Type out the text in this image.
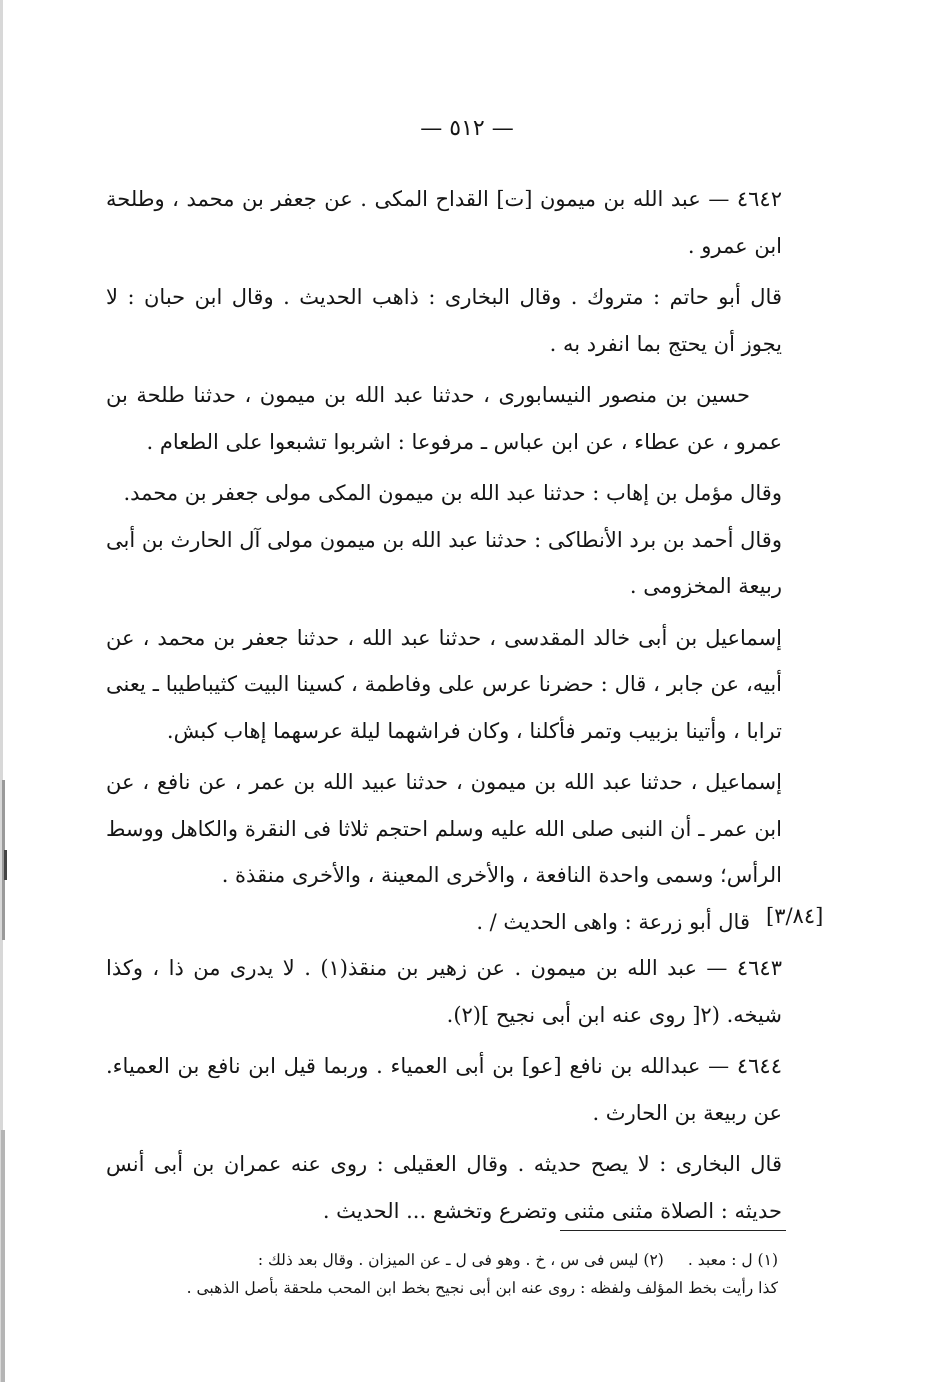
— ٥١٢ —

٤٦٤٢ — عبد الله بن ميمون [ت] القداح المكى . عن جعفر بن محمد ، وطلحة ابن عمرو .

قال أبو حاتم : متروك . وقال البخارى : ذاهب الحديث . وقال ابن حبان : لا يجوز أن يحتج بما انفرد به .

حسين بن منصور النيسابورى ، حدثنا عبد الله بن ميمون ، حدثنا طلحة بن عمرو ، عن عطاء ، عن ابن عباس ـ مرفوعا : اشربوا تشبعوا على الطعام .

وقال مؤمل بن إهاب : حدثنا عبد الله بن ميمون المكى مولى جعفر بن محمد.

وقال أحمد بن برد الأنطاكى : حدثنا عبد الله بن ميمون مولى آل الحارث بن أبى ربيعة المخزومى .

إسماعيل بن أبى خالد المقدسى ، حدثنا عبد الله ، حدثنا جعفر بن محمد ، عن أبيه، عن جابر ، قال : حضرنا عرس على وفاطمة ، كسينا البيت كثيباطيبا ـ يعنى ترابا ، وأتينا بزبيب وتمر فأكلنا ، وكان فراشهما ليلة عرسهما إهاب كبش.

إسماعيل ، حدثنا عبد الله بن ميمون ، حدثنا عبيد الله بن عمر ، عن نافع ، عن ابن عمر ـ أن النبى صلى الله عليه وسلم احتجم ثلاثا فى النقرة والكاهل ووسط الرأس؛ وسمى واحدة النافعة ، والأخرى المعينة ، والأخرى منقذة .

قال أبو زرعة : واهى الحديث / .

٤٦٤٣ — عبد الله بن ميمون . عن زهير بن منقذ(١) . لا يدرى من ذا ، وكذا شيخه. (٢[ روى عنه ابن أبى نجيح ](٢).

٤٦٤٤ — عبدالله بن نافع [عو] بن أبى العمياء . وربما قيل ابن نافع بن العمياء. عن ربيعة بن الحارث .

قال البخارى : لا يصح حديثه . وقال العقيلى : روى عنه عمران بن أبى أنس حديثه : الصلاة مثنى مثنى وتضرع وتخشع ... الحديث .

[٣/٨٤]

(١) ل : معبد .(٢) ليس فى س ، خ . وهو فى ل ـ عن الميزان . وقال بعد ذلك :

كذا رأيت بخط المؤلف ولفظه : روى عنه ابن أبى نجيح بخط ابن المحب ملحقة بأصل الذهبى .
